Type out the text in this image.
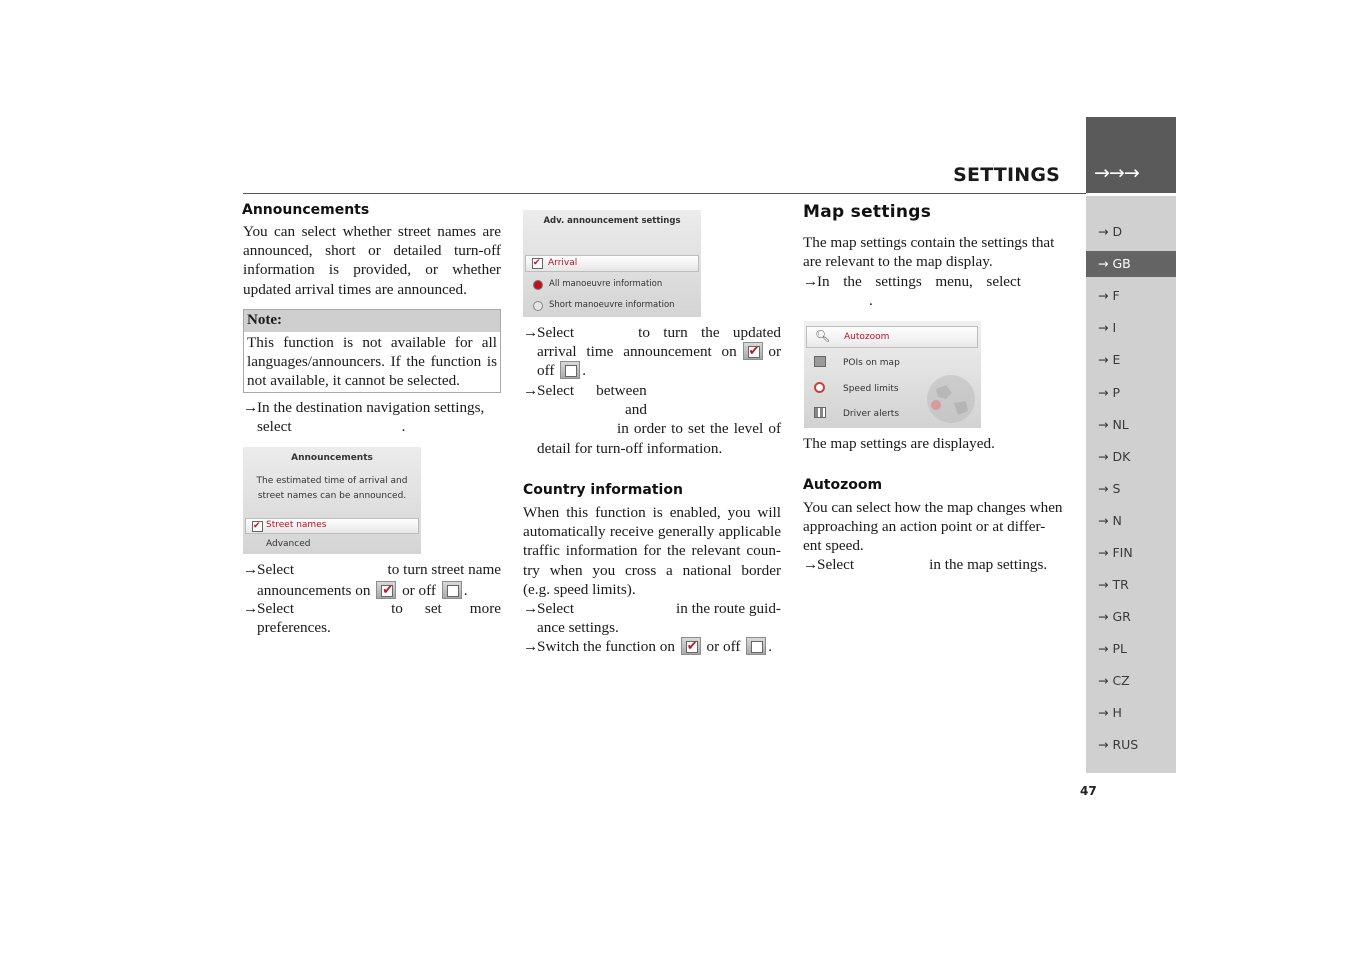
SETTINGS →→→
→ D
→ GB
→ F
→ I
→ E
→ P
→ NL
→ DK
→ S
→ N
→ FIN
→ TR
→ GR
→ PL
→ CZ
→ H
→ RUS
47
Announcements
You can select whether street names are announced, short or detailed turn-off information is provided, or whether updated arrival times are announced.
Note:
This function is not available for all languages/announcers. If the function is not available, it cannot be selected.
→
In the destination navigation settings,
select	.
Announcements
The estimated time of arrival and
street names can be announced.
✔ Street names
Advanced
→
Select	to turn street name
announcements on ✔ or off .
→
Select	to set more
preferences.
Adv. announcement settings
✔ Arrival
All manoeuvre information
Short manoeuvre information
→
Select	to turn the updated
arrival time announcement on
✔
or
off .
→
Select between
and
in order to set the level of
detail for turn-off information.
Country information
When this function is enabled, you will
automatically receive generally applicable
traffic information for the relevant coun-
try when you cross a national border
(e.g. speed limits).
→
Select	in the route guid-
ance settings.
→
Switch the function on ✔ or off .
Map settings
The map settings contain the settings that
are relevant to the map display.
→
In the settings menu, select
.
🔍︎ Autozoom
POIs on map
Speed limits
Driver alerts
The map settings are displayed.
Autozoom
You can select how the map changes when
approaching an action point or at differ-
ent speed.
→
Select	in the map settings.
